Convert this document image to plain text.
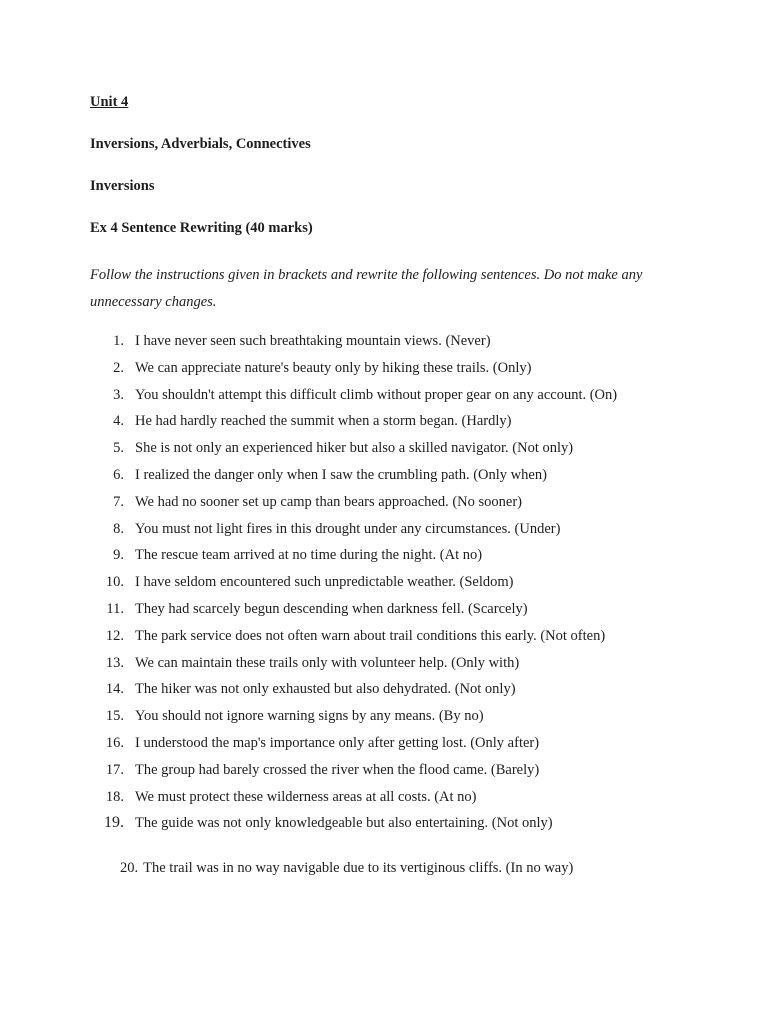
Unit 4
Inversions, Adverbials, Connectives
Inversions
Ex 4 Sentence Rewriting (40 marks)
Follow the instructions given in brackets and rewrite the following sentences. Do not make any unnecessary changes.
1. I have never seen such breathtaking mountain views. (Never)
2. We can appreciate nature's beauty only by hiking these trails. (Only)
3. You shouldn't attempt this difficult climb without proper gear on any account. (On)
4. He had hardly reached the summit when a storm began. (Hardly)
5. She is not only an experienced hiker but also a skilled navigator. (Not only)
6. I realized the danger only when I saw the crumbling path. (Only when)
7. We had no sooner set up camp than bears approached. (No sooner)
8. You must not light fires in this drought under any circumstances. (Under)
9. The rescue team arrived at no time during the night. (At no)
10. I have seldom encountered such unpredictable weather. (Seldom)
11. They had scarcely begun descending when darkness fell. (Scarcely)
12. The park service does not often warn about trail conditions this early. (Not often)
13. We can maintain these trails only with volunteer help. (Only with)
14. The hiker was not only exhausted but also dehydrated. (Not only)
15. You should not ignore warning signs by any means. (By no)
16. I understood the map's importance only after getting lost. (Only after)
17. The group had barely crossed the river when the flood came. (Barely)
18. We must protect these wilderness areas at all costs. (At no)
19. The guide was not only knowledgeable but also entertaining. (Not only)
20. The trail was in no way navigable due to its vertiginous cliffs. (In no way)
